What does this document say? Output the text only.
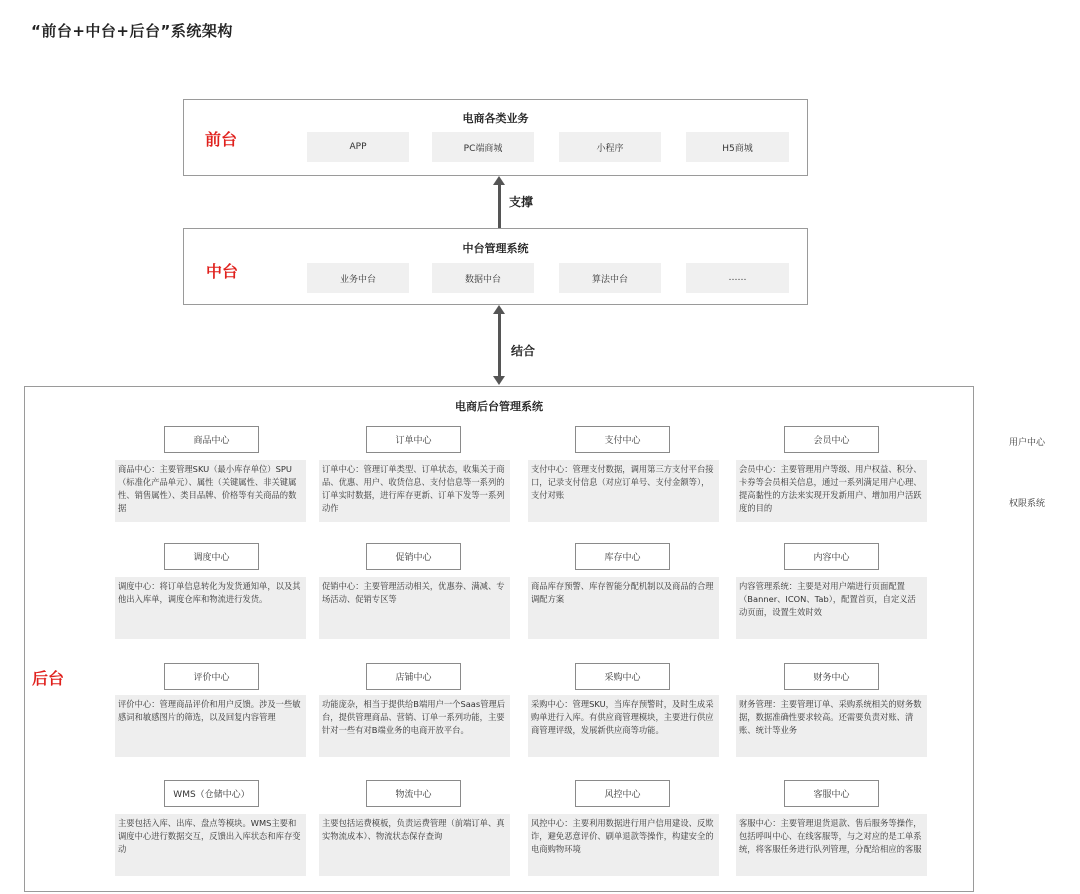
“前台+中台+后台”系统架构
电商各类业务
前台	APP	PC端商城	小程序	H5商城
支撑
中台管理系统
中台	业务中台	数据中台	算法中台	……
结合
电商后台管理系统
商品中心
商品中心：主要管理SKU（最小库存单位）SPU（标准化产品单元）、属性（关键属性、非关键属性、销售属性）、类目品牌、价格等有关商品的数据
订单中心
订单中心：管理订单类型、订单状态，收集关于商品、优惠、用户、收货信息、支付信息等一系列的订单实时数据，进行库存更新、订单下发等一系列动作
支付中心
支付中心：管理支付数据，调用第三方支付平台接口，记录支付信息（对应订单号、支付金额等），支付对账
会员中心
会员中心：主要管理用户等级、用户权益、积分、卡券等会员相关信息，通过一系列满足用户心理、提高黏性的方法来实现开发新用户、增加用户活跃度的目的
调度中心
调度中心：将订单信息转化为发货通知单，以及其他出入库单，调度仓库和物流进行发货。
促销中心
促销中心：主要管理活动相关，优惠券、满减、专场活动、促销专区等
库存中心
商品库存预警、库存智能分配机制以及商品的合理调配方案
内容中心
内容管理系统：主要是对用户端进行页面配置（Banner、ICON、Tab），配置首页，自定义活动页面，设置生效时效
评价中心
评价中心：管理商品评价和用户反馈。涉及一些敏感词和敏感图片的筛选，以及回复内容管理
店铺中心
功能庞杂，相当于提供给B端用户一个Saas管理后台，提供管理商品、营销、订单一系列功能，主要针对一些有对B端业务的电商开放平台。
采购中心
采购中心：管理SKU，当库存预警时，及时生成采购单进行入库。有供应商管理模块，主要进行供应商管理评级，发展新供应商等功能。
财务中心
财务管理：主要管理订单、采购系统相关的财务数据，数据准确性要求较高。还需要负责对账、清账、统计等业务
WMS（仓储中心）
主要包括入库、出库、盘点等模块。WMS主要和调度中心进行数据交互，反馈出入库状态和库存变动
物流中心
主要包括运费模板，负责运费管理（前端订单、真实物流成本）、物流状态保存查询
风控中心
风控中心：主要利用数据进行用户信用建设、反欺诈，避免恶意评价、刷单退款等操作，构建安全的电商购物环境
客服中心
客服中心：主要管理退货退款、售后服务等操作，包括呼叫中心、在线客服等，与之对应的是工单系统，将客服任务进行队列管理，分配给相应的客服
后台
用户中心
权限系统
